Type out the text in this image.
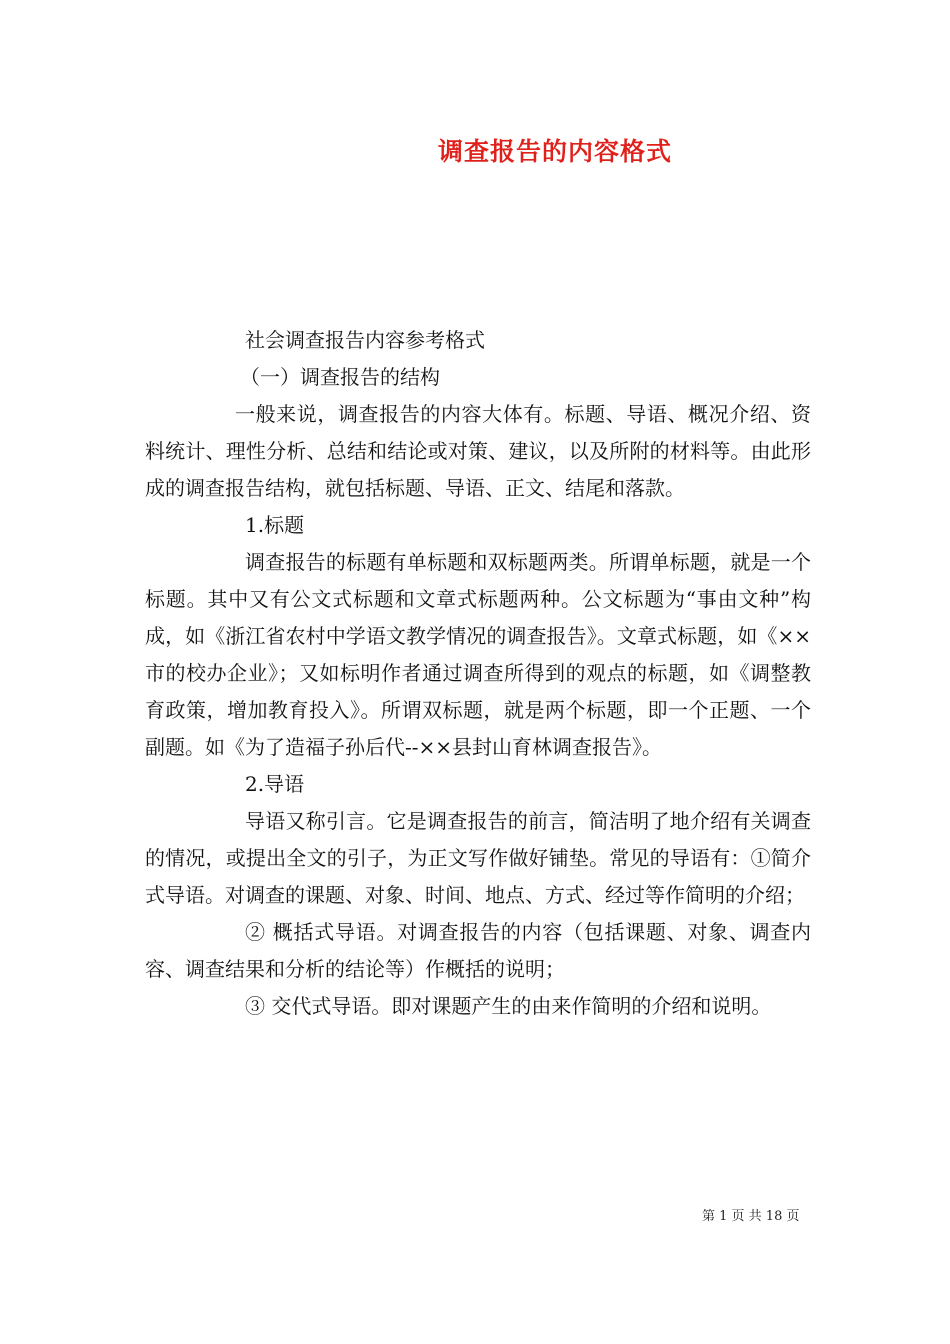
调查报告的内容格式

社会调查报告内容参考格式

（一）调查报告的结构

一般来说，调查报告的内容大体有。标题、导语、概况介绍、资料统计、理性分析、总结和结论或对策、建议，以及所附的材料等。由此形成的调查报告结构，就包括标题、导语、正文、结尾和落款。

1.标题

调查报告的标题有单标题和双标题两类。所谓单标题，就是一个标题。其中又有公文式标题和文章式标题两种。公文标题为“事由文种”构成，如《浙江省农村中学语文教学情况的调查报告》。文章式标题，如《××市的校办企业》；又如标明作者通过调查所得到的观点的标题，如《调整教育政策，增加教育投入》。所谓双标题，就是两个标题，即一个正题、一个副题。如《为了造福子孙后代--××县封山育林调查报告》。

2.导语

导语又称引言。它是调查报告的前言，简洁明了地介绍有关调查的情况，或提出全文的引子，为正文写作做好铺垫。常见的导语有：①简介式导语。对调查的课题、对象、时间、地点、方式、经过等作简明的介绍；

② 概括式导语。对调查报告的内容（包括课题、对象、调查内容、调查结果和分析的结论等）作概括的说明；

③ 交代式导语。即对课题产生的由来作简明的介绍和说明。

第 1 页 共 18 页
